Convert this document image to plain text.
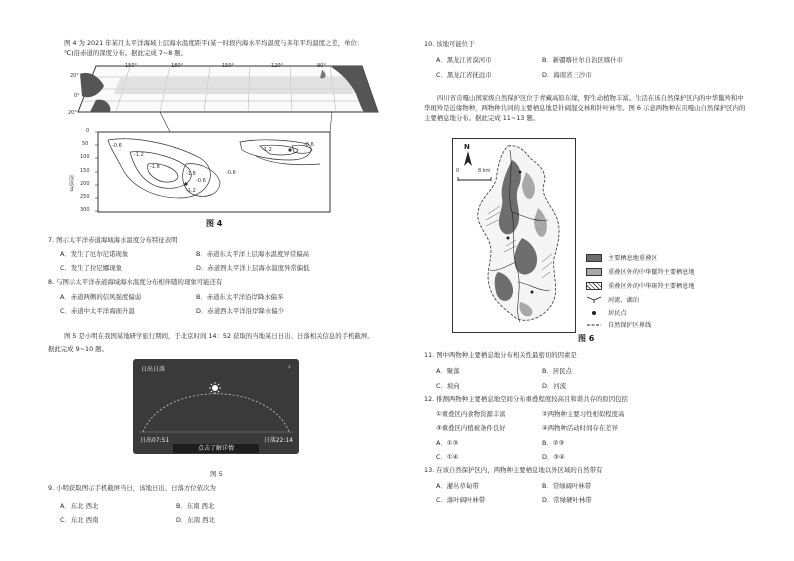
图 4 为 2021 年某月太平洋海域上层海水温度距平(某一时段内海水平均温度与多年平均温度之差，单位:
℃)沿赤道的深度分布。据此完成 7~8 题。
150°	180°	150°	120°	90°
20°
0°
20°
0
50
100
150
200
250
300
深度/m
-0.6
-1.2
-1.8
-0.6
-1.2
-1.8	-0.6
-1.2
-0.6
图 4
7. 图示太平洋赤道海域海水温度分布特征表明
A．发生了厄尔尼诺现象	B．赤道东太平洋上层海水温度异常偏高
C．发生了拉尼娜现象	D．赤道西太平洋上层海水温度异常偏低
8. 与图示太平洋赤道海域海水温度分布相伴随的现象可能还有
A．赤道两侧的信风强度偏弱	B．赤道东太平洋沿岸降水偏多
C．赤道中太平洋海面升温	D．赤道西太平洋沿岸降水偏少
图 5 是小明在我国某地研学旅行期间，于北京时间 14：52 获取的当地某日日出、日落相关信息的手机截屏。
据此完成 9~10 题。
日出日落	›
日出07:51	日落22:14
点击了解详情
图 5
9. 小明获取图示手机截屏当日，该地日出、日落方位依次为
A．东北 西北	B．东南 西北
C．东北 西南	D．东南 西北
10. 该地可能位于
A．黑龙江省漠河市	B．新疆喀什尔自治区喀什市
C．黑龙江省抚远市	D．海南省三沙市
四川省贡嘎山国家级自然保护区位于青藏高原东缘，野生动植物丰富。生活在该自然保护区内的中华鬣羚和中华斑羚是近缘物种，两物种共同的主要栖息地是针阔混交林和针叶林等。图 6 示意两物种在贡嘎山自然保护区内的主要栖息地分布。据此完成 11~13 题。
N
0	8 km
主要栖息地重叠区
重叠区外的中华鬣羚主要栖息地
重叠区外的中华斑羚主要栖息地
河流、湖泊
居民点
自然保护区界线
图 6
11. 图中两物种主要栖息地分布相关性最密切的因素是
A．聚落	B．居民点
C．坡向	D．河流
12. 推测两物种主要栖息地空间分布重叠程度较高且和谐共存的原因包括
①重叠区内食物资源丰富	②两物种主要习性相似程度高
③重叠区内植被条件良好	④两物种活动时间存在差异
A．①③	B．②③
C．①④	D．③④
13. 在该自然保护区内，两物种主要栖息地以外区域的自然带有
A．灌丛草甸带	B．常绿阔叶林带
C．落叶阔叶林带	D．常绿硬叶林带
